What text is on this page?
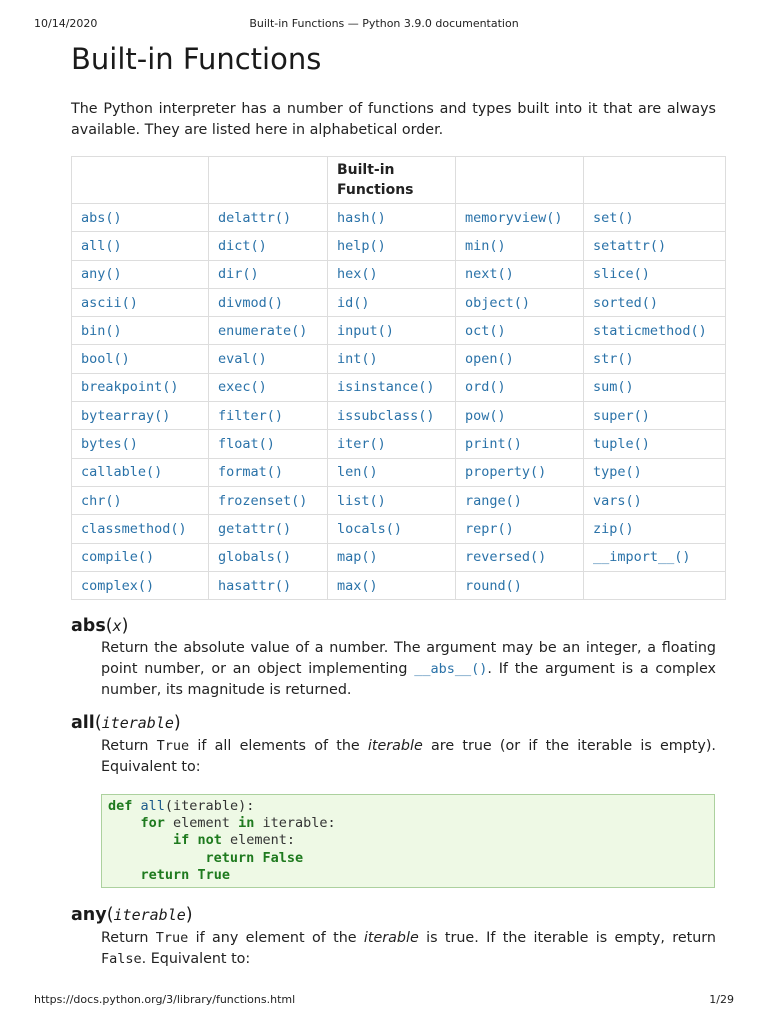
10/14/2020	Built-in Functions — Python 3.9.0 documentation
Built-in Functions

The Python interpreter has a number of functions and types built into it that are always available. They are listed here in alphabetical order.

		Built-in Functions		
abs()	delattr()	hash()	memoryview()	set()
all()	dict()	help()	min()	setattr()
any()	dir()	hex()	next()	slice()
ascii()	divmod()	id()	object()	sorted()
bin()	enumerate()	input()	oct()	staticmethod()
bool()	eval()	int()	open()	str()
breakpoint()	exec()	isinstance()	ord()	sum()
bytearray()	filter()	issubclass()	pow()	super()
bytes()	float()	iter()	print()	tuple()
callable()	format()	len()	property()	type()
chr()	frozenset()	list()	range()	vars()
classmethod()	getattr()	locals()	repr()	zip()
compile()	globals()	map()	reversed()	__import__()
complex()	hasattr()	max()	round()	
abs(x)

Return the absolute value of a number. The argument may be an integer, a floating point number, or an object implementing __abs__(). If the argument is a complex number, its magnitude is returned.

all(iterable)

Return True if all elements of the iterable are true (or if the iterable is empty). Equivalent to:

def all(iterable):
for element in iterable:
if not element:
return False
return True
any(iterable)

Return True if any element of the iterable is true. If the iterable is empty, return False. Equivalent to:

https://docs.python.org/3/library/functions.html	1/29
